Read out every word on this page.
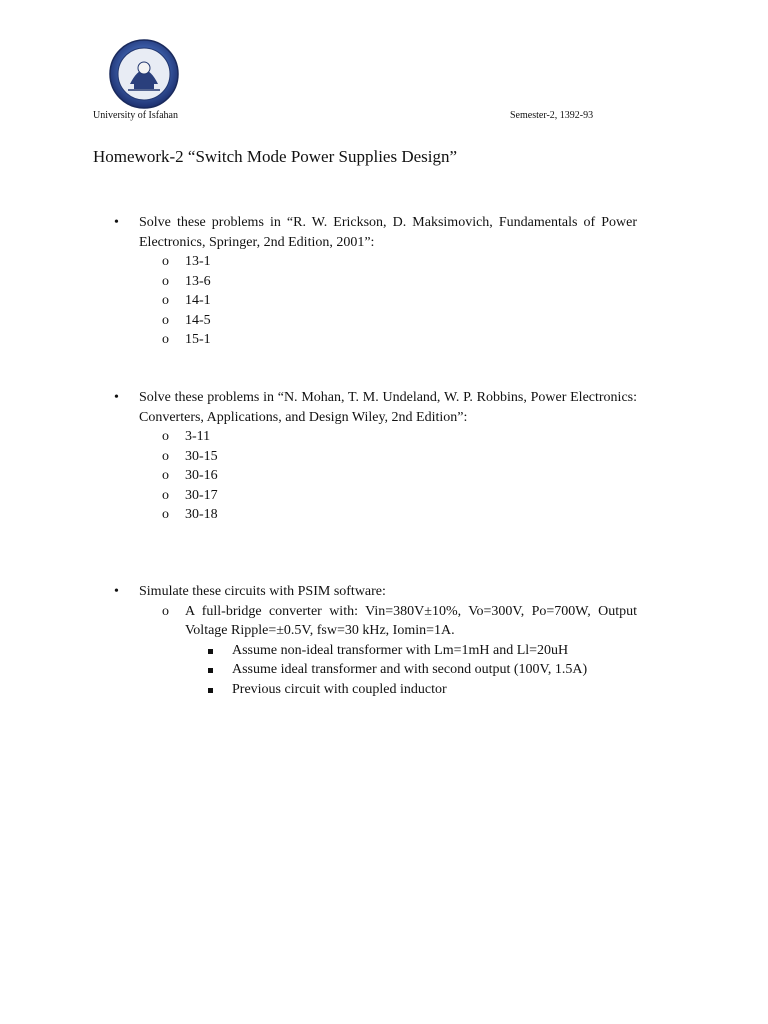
University of Isfahan	Semester-2, 1392-93
Homework-2 “Switch Mode Power Supplies Design”
•	Solve these problems in “R. W. Erickson, D. Maksimovich, Fundamentals of Power Electronics, Springer, 2nd Edition, 2001”:
o	13-1
o	13-6
o	14-1
o	14-5
o	15-1
•	Solve these problems in “N. Mohan, T. M. Undeland, W. P. Robbins, Power Electronics: Converters, Applications, and Design Wiley, 2nd Edition”:
o	3-11
o	30-15
o	30-16
o	30-17
o	30-18
•	Simulate these circuits with PSIM software:
o	A full-bridge converter with: Vin=380V±10%, Vo=300V, Po=700W, Output Voltage Ripple=±0.5V, fsw=30 kHz, Iomin=1A.
Assume non-ideal transformer with Lm=1mH and Ll=20uH
Assume ideal transformer and with second output (100V, 1.5A)
Previous circuit with coupled inductor
